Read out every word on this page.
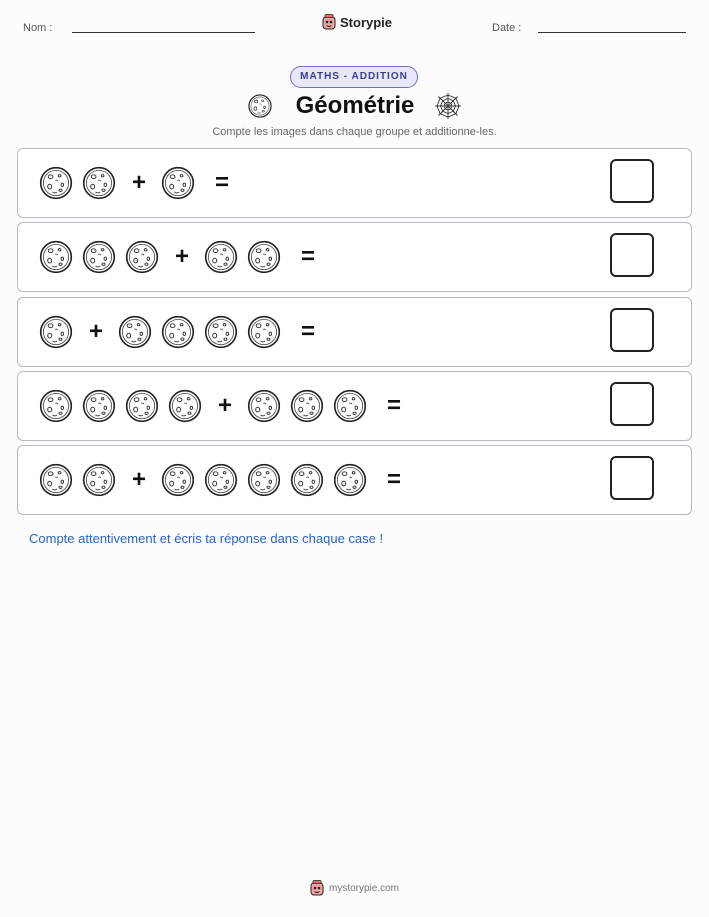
Nom :	Storypie	Date :
MATHS - ADDITION
Géométrie
Compte les images dans chaque groupe et additionne-les.
+	=
+	=
+	=
+	=
+	=
Compte attentivement et écris ta réponse dans chaque case !
mystorypie.com
